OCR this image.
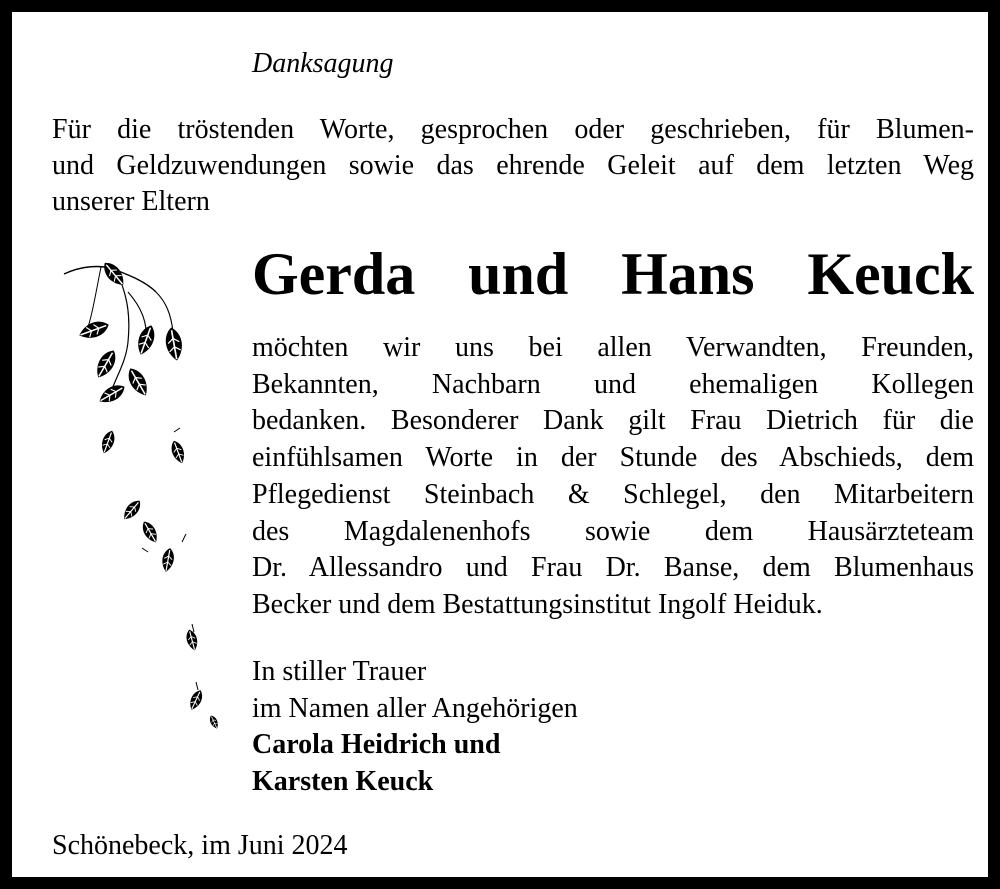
Danksagung

Für die tröstenden Worte, gesprochen oder geschrieben, für Blumen-
und Geldzuwendungen sowie das ehrende Geleit auf dem letzten Weg
unserer Eltern

Gerda und Hans Keuck

möchten wir uns bei allen Verwandten, Freunden,
Bekannten, Nachbarn und ehemaligen Kollegen
bedanken. Besonderer Dank gilt Frau Dietrich für die
einfühlsamen Worte in der Stunde des Abschieds, dem
Pflegedienst Steinbach & Schlegel, den Mitarbeitern
des Magdalenenhofs sowie dem Hausärzteteam
Dr. Allessandro und Frau Dr. Banse, dem Blumenhaus
Becker und dem Bestattungsinstitut Ingolf Heiduk.

In stiller Trauer
im Namen aller Angehörigen
Carola Heidrich und
Karsten Keuck

Schönebeck, im Juni 2024
